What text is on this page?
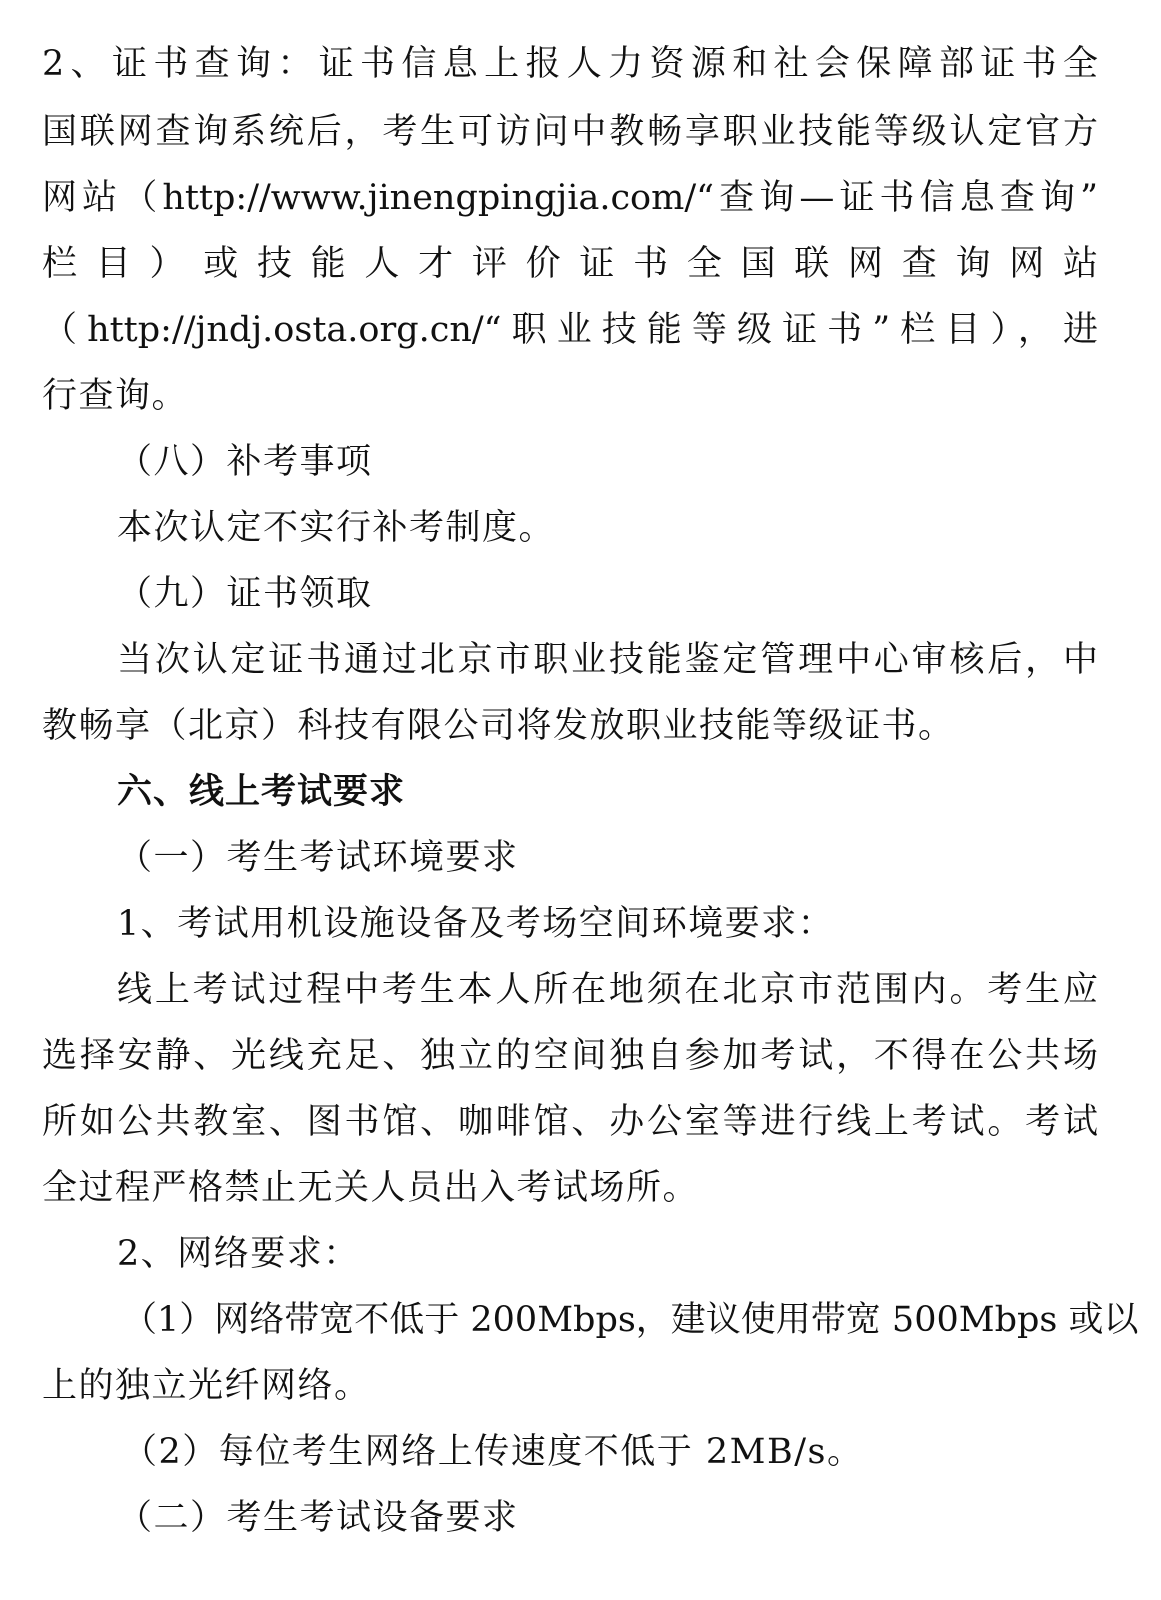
2、证书查询：证书信息上报人力资源和社会保障部证书全
国联网查询系统后，考生可访问中教畅享职业技能等级认定官方
网站（http://www.jinengpingjia.com/“查询—证书信息查询”
栏 目 ） 或 技 能 人 才 评 价 证 书 全 国 联 网 查 询 网 站
（http://jndj.osta.org.cn/“职业技能等级证书”栏目），进
行查询。
（八）补考事项
本次认定不实行补考制度。
（九）证书领取
当次认定证书通过北京市职业技能鉴定管理中心审核后，中
教畅享（北京）科技有限公司将发放职业技能等级证书。
六、线上考试要求
（一）考生考试环境要求
1、考试用机设施设备及考场空间环境要求：
线上考试过程中考生本人所在地须在北京市范围内。考生应
选择安静、光线充足、独立的空间独自参加考试，不得在公共场
所如公共教室、图书馆、咖啡馆、办公室等进行线上考试。考试
全过程严格禁止无关人员出入考试场所。
2、网络要求：
（1）网络带宽不低于 200Mbps，建议使用带宽 500Mbps 或以
上的独立光纤网络。
（2）每位考生网络上传速度不低于 2MB/s。
（二）考生考试设备要求
